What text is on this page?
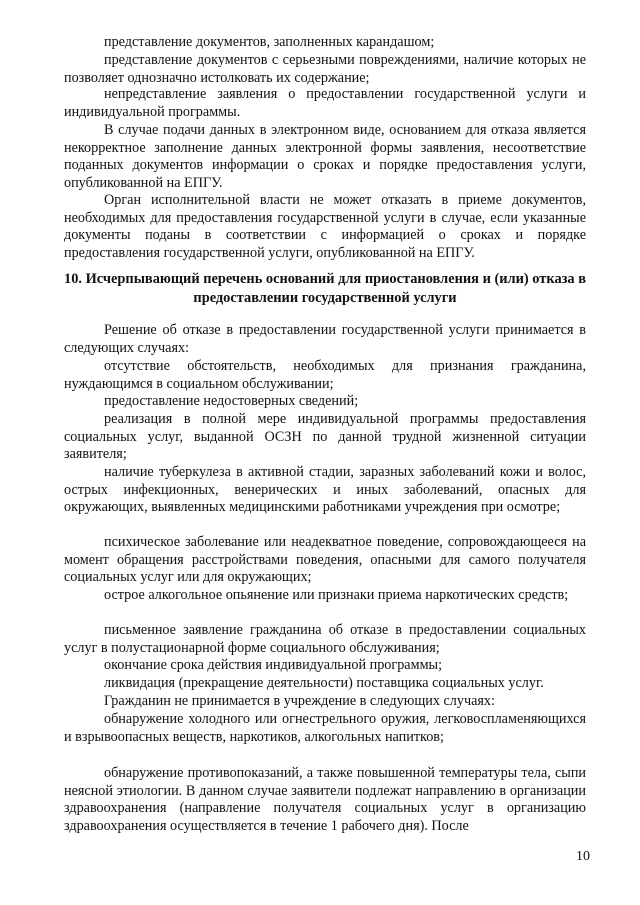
представление документов, заполненных карандашом;

представление документов с серьезными повреждениями, наличие которых не позволяет однозначно истолковать их содержание;

непредставление заявления о предоставлении государственной услуги и индивидуальной программы.

В случае подачи данных в электронном виде, основанием для отказа является некорректное заполнение данных электронной формы заявления, несоответствие поданных документов информации о сроках и порядке предоставления услуги, опубликованной на ЕПГУ.

Орган исполнительной власти не может отказать в приеме документов, необходимых для предоставления государственной услуги в случае, если указанные документы поданы в соответствии с информацией о сроках и порядке предоставления государственной услуги, опубликованной на ЕПГУ.

10. Исчерпывающий перечень оснований для приостановления и (или) отказа в предоставлении государственной услуги

Решение об отказе в предоставлении государственной услуги принимается в следующих случаях:

отсутствие обстоятельств, необходимых для признания гражданина, нуждающимся в социальном обслуживании;

предоставление недостоверных сведений;

реализация в полной мере индивидуальной программы предоставления социальных услуг, выданной ОСЗН по данной трудной жизненной ситуации заявителя;

наличие туберкулеза в активной стадии, заразных заболеваний кожи и волос, острых инфекционных, венерических и иных заболеваний, опасных для окружающих, выявленных медицинскими работниками учреждения при осмотре;

психическое заболевание или неадекватное поведение, сопровождающееся на момент обращения расстройствами поведения, опасными для самого получателя социальных услуг или для окружающих;

острое алкогольное опьянение или признаки приема наркотических средств;

письменное заявление гражданина об отказе в предоставлении социальных услуг в полустационарной форме социального обслуживания;

окончание срока действия индивидуальной программы;

ликвидация (прекращение деятельности) поставщика социальных услуг.

Гражданин не принимается в учреждение в следующих случаях:

обнаружение холодного или огнестрельного оружия, легковоспламеняющихся и взрывоопасных веществ, наркотиков, алкогольных напитков;

обнаружение противопоказаний, а также повышенной температуры тела, сыпи неясной этиологии. В данном случае заявители подлежат направлению в организации здравоохранения (направление получателя социальных услуг в организацию здравоохранения осуществляется в течение 1 рабочего дня). После

10
